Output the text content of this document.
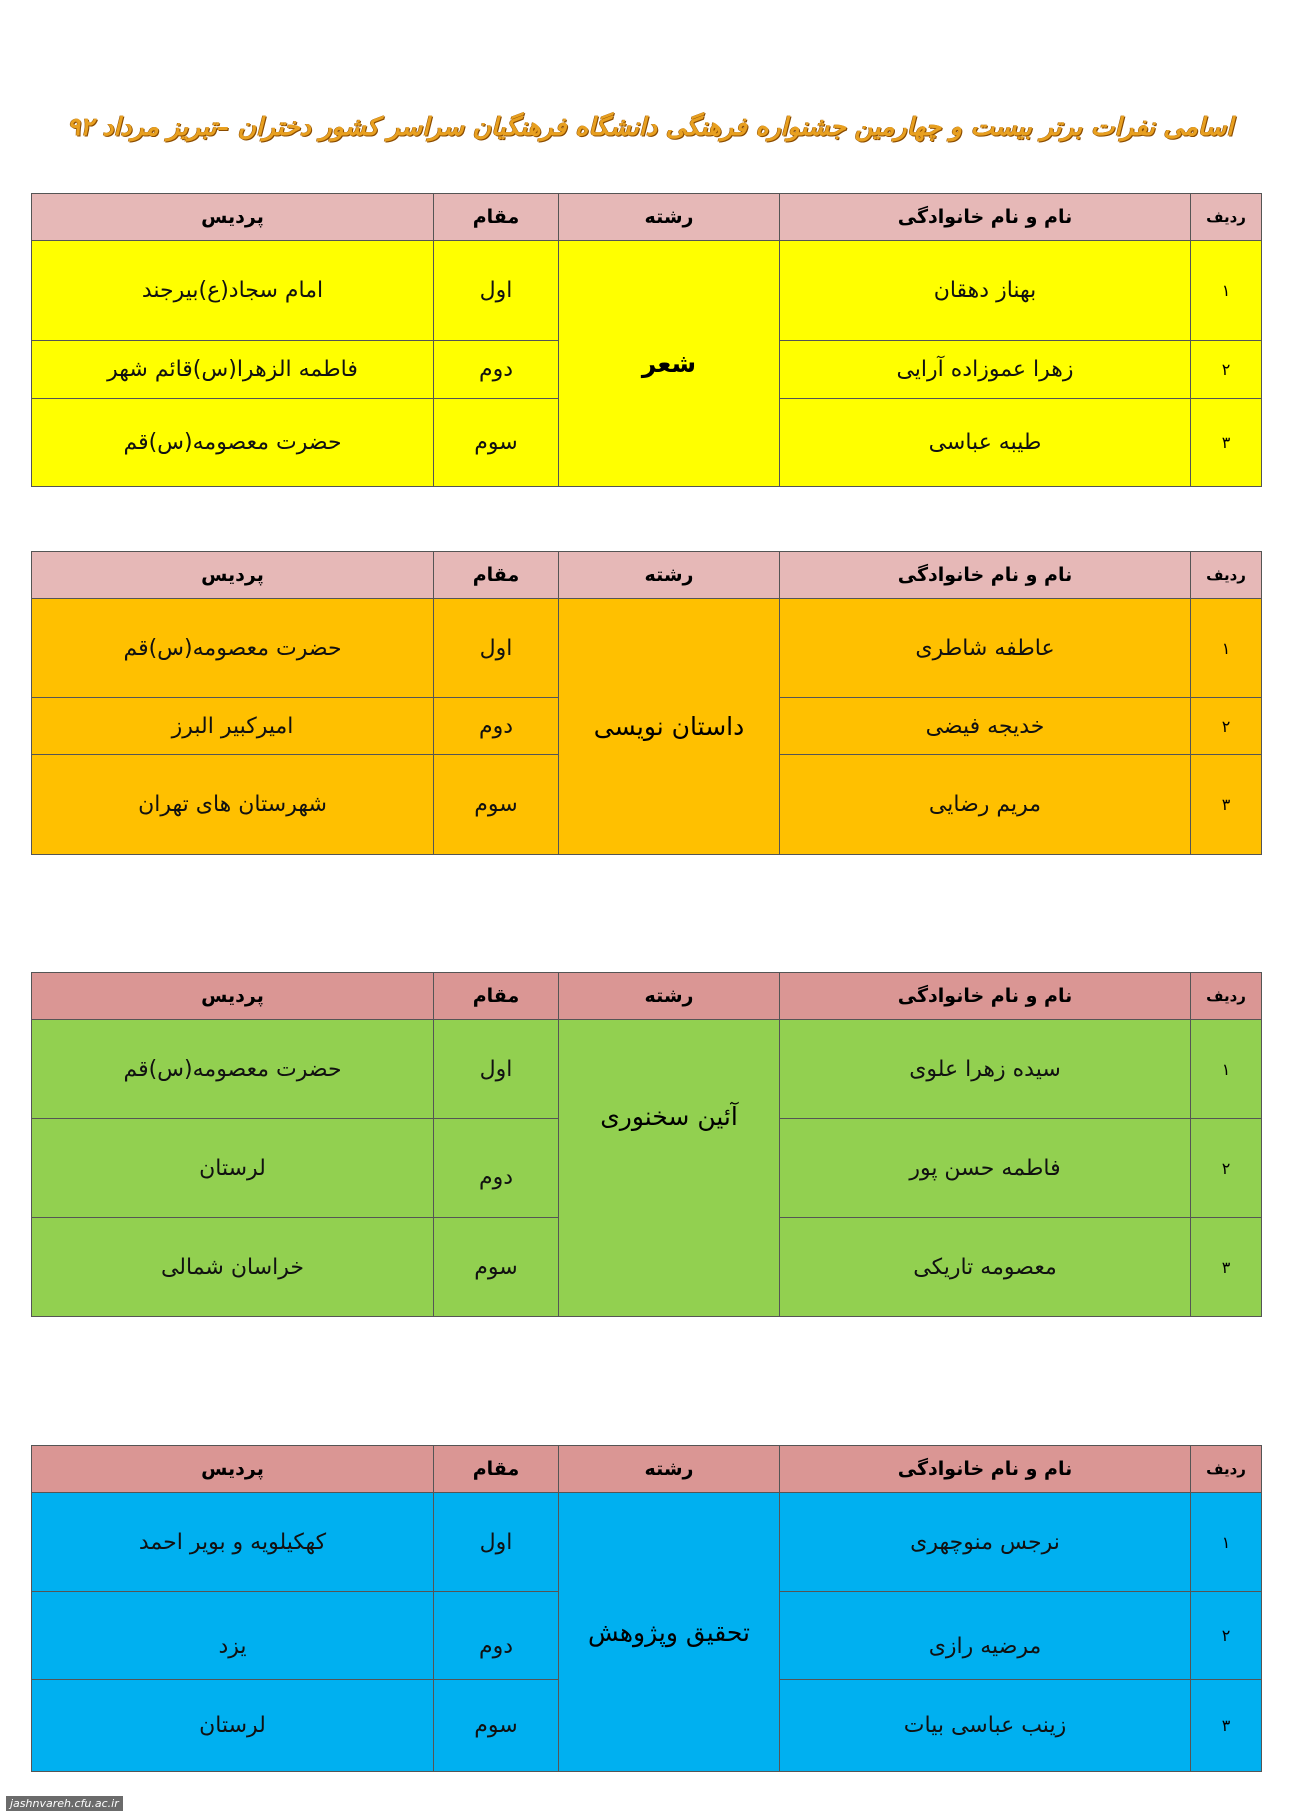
اسامی نفرات برتر بیست و چهارمین جشنواره فرهنگی دانشگاه فرهنگیان سراسر کشور دختران –تبریز مرداد ۹۲
ردیف	نام و نام خانوادگی	رشته	مقام	پردیس
۱	بهناز دهقان	شعر	اول	امام سجاد(ع)بیرجند
۲	زهرا عموزاده آرایی		دوم	فاطمه الزهرا(س)قائم شهر
۳	طیبه عباسی		سوم	حضرت معصومه(س)قم
ردیف	نام و نام خانوادگی	رشته	مقام	پردیس
۱	عاطفه شاطری	داستان نویسی	اول	حضرت معصومه(س)قم
۲	خدیجه فیضی		دوم	امیرکبیر البرز
۳	مریم رضایی		سوم	شهرستان های تهران
ردیف	نام و نام خانوادگی	رشته	مقام	پردیس
۱	سیده زهرا علوی	آئین سخنوری	اول	حضرت معصومه(س)قم
۲	فاطمه حسن پور		دوم	لرستان
۳	معصومه تاریکی		سوم	خراسان شمالی
ردیف	نام و نام خانوادگی	رشته	مقام	پردیس
۱	نرجس منوچهری	تحقیق وپژوهش	اول	کهکیلویه و بویر احمد
۲	مرضیه رازی		دوم	یزد
۳	زینب عباسی بیات		سوم	لرستان
jashnvareh.cfu.ac.ir
